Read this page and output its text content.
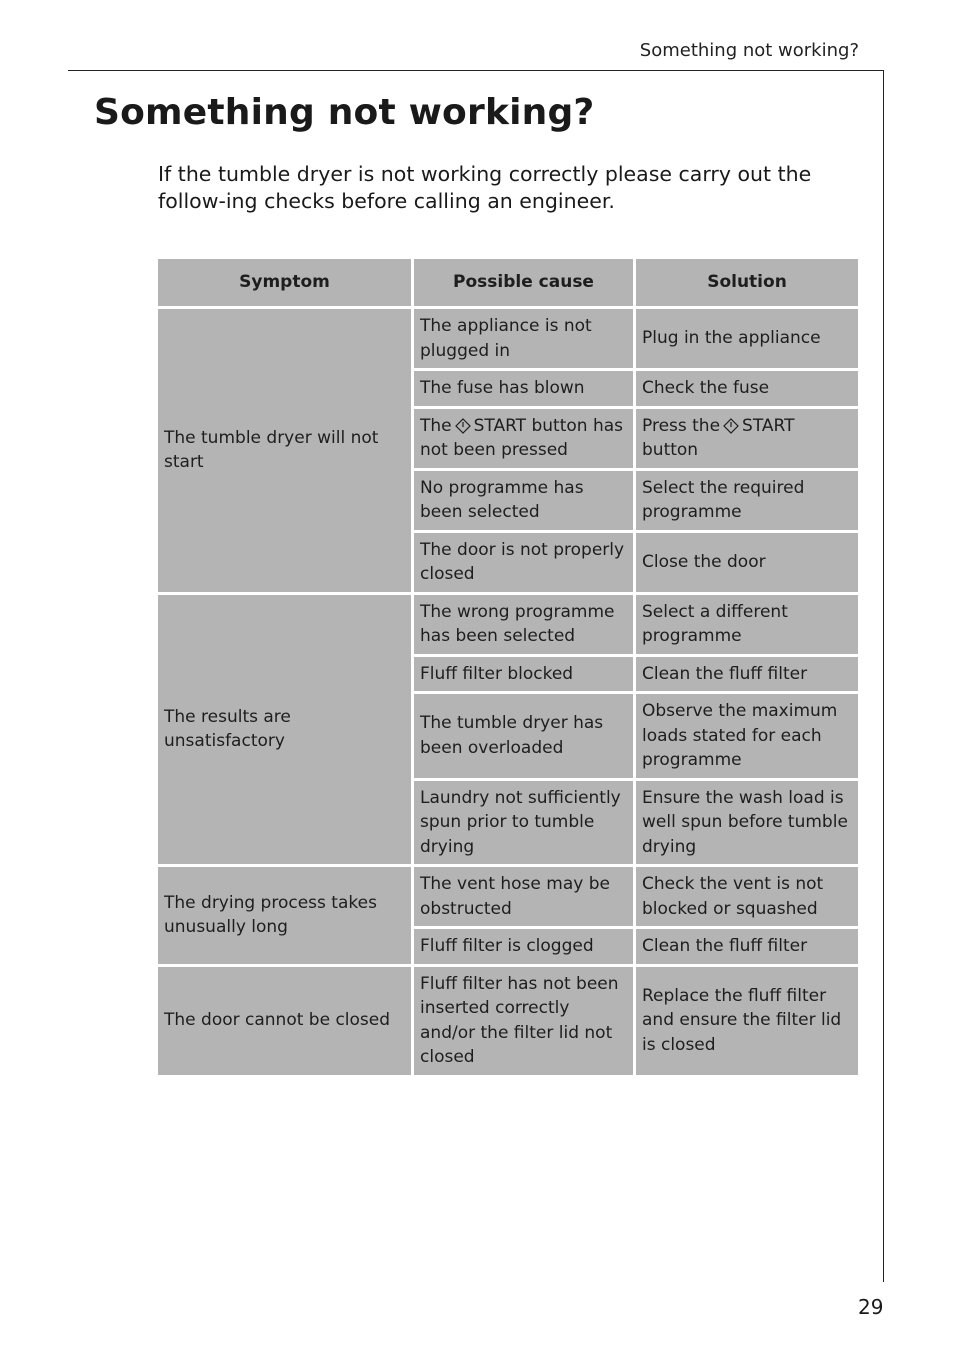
Something not working?
Something not working?

If the tumble dryer is not working correctly please carry out the follow-ing checks before calling an engineer.

Symptom	Possible cause	Solution
The tumble dryer will not start	The appliance is not plugged in	Plug in the appliance
	The fuse has blown	Check the fuse
	The START button has not been pressed	Press the START button
	No programme has been selected	Select the required programme
	The door is not properly closed	Close the door
The results are unsatisfactory	The wrong programme has been selected	Select a different programme
	Fluff filter blocked	Clean the fluff filter
	The tumble dryer has been overloaded	Observe the maximum loads stated for each programme
	Laundry not sufficiently spun prior to tumble drying	Ensure the wash load is well spun before tumble drying
The drying process takes unusually long	The vent hose may be obstructed	Check the vent is not blocked or squashed
	Fluff filter is clogged	Clean the fluff filter
The door cannot be closed	Fluff filter has not been inserted correctly and/or the filter lid not closed	Replace the fluff filter and ensure the filter lid is closed
29
